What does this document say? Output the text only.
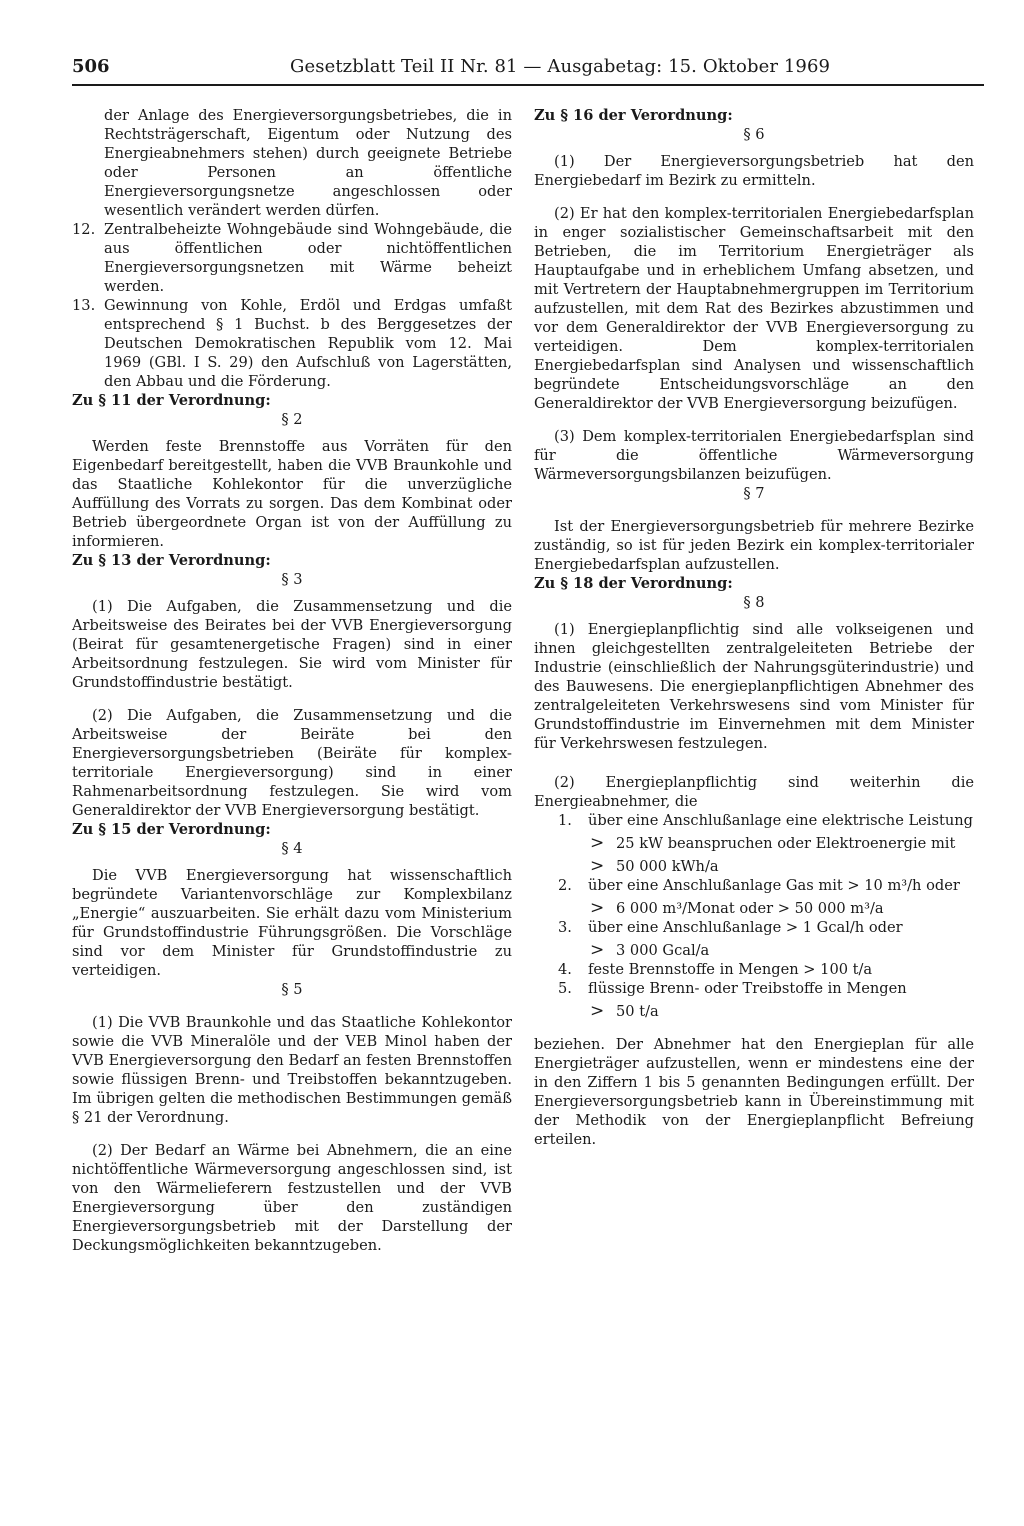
506	Gesetzblatt Teil II Nr. 81 — Ausgabetag: 15. Oktober 1969

der Anlage des Energieversorgungsbetriebes, die in Rechtsträgerschaft, Eigentum oder Nutzung des Energieabnehmers stehen) durch geeignete Betriebe oder Personen an öffentliche Energieversorgungsnetze angeschlossen oder wesentlich verändert werden dürfen.

12. Zentralbeheizte Wohngebäude sind Wohngebäude, die aus öffentlichen oder nichtöffentlichen Energieversorgungsnetzen mit Wärme beheizt werden.
13. Gewinnung von Kohle, Erdöl und Erdgas umfaßt entsprechend § 1 Buchst. b des Berggesetzes der Deutschen Demokratischen Republik vom 12. Mai 1969 (GBl. I S. 29) den Aufschluß von Lagerstätten, den Abbau und die Förderung.

Zu § 11 der Verordnung:

§ 2

Werden feste Brennstoffe aus Vorräten für den Eigenbedarf bereitgestellt, haben die VVB Braunkohle und das Staatliche Kohlekontor für die unverzügliche Auffüllung des Vorrats zu sorgen. Das dem Kombinat oder Betrieb übergeordnete Organ ist von der Auffüllung zu informieren.

Zu § 13 der Verordnung:

§ 3

(1) Die Aufgaben, die Zusammensetzung und die Arbeitsweise des Beirates bei der VVB Energieversorgung (Beirat für gesamtenergetische Fragen) sind in einer Arbeitsordnung festzulegen. Sie wird vom Minister für Grundstoffindustrie bestätigt.

(2) Die Aufgaben, die Zusammensetzung und die Arbeitsweise der Beiräte bei den Energieversorgungsbetrieben (Beiräte für komplex-territoriale Energieversorgung) sind in einer Rahmenarbeitsordnung festzulegen. Sie wird vom Generaldirektor der VVB Energieversorgung bestätigt.

Zu § 15 der Verordnung:

§ 4

Die VVB Energieversorgung hat wissenschaftlich begründete Variantenvorschläge zur Komplexbilanz „Energie“ auszuarbeiten. Sie erhält dazu vom Ministerium für Grundstoffindustrie Führungsgrößen. Die Vorschläge sind vor dem Minister für Grundstoffindustrie zu verteidigen.

§ 5

(1) Die VVB Braunkohle und das Staatliche Kohlekontor sowie die VVB Mineralöle und der VEB Minol haben der VVB Energieversorgung den Bedarf an festen Brennstoffen sowie flüssigen Brenn- und Treibstoffen bekanntzugeben. Im übrigen gelten die methodischen Bestimmungen gemäß § 21 der Verordnung.

(2) Der Bedarf an Wärme bei Abnehmern, die an eine nichtöffentliche Wärmeversorgung angeschlossen sind, ist von den Wärmelieferern festzustellen und der VVB Energieversorgung über den zuständigen Energieversorgungsbetrieb mit der Darstellung der Deckungsmöglichkeiten bekanntzugeben.

Zu § 16 der Verordnung:

§ 6

(1) Der Energieversorgungsbetrieb hat den Energiebedarf im Bezirk zu ermitteln.

(2) Er hat den komplex-territorialen Energiebedarfsplan in enger sozialistischer Gemeinschaftsarbeit mit den Betrieben, die im Territorium Energieträger als Hauptaufgabe und in erheblichem Umfang absetzen, und mit Vertretern der Hauptabnehmergruppen im Territorium aufzustellen, mit dem Rat des Bezirkes abzustimmen und vor dem Generaldirektor der VVB Energieversorgung zu verteidigen. Dem komplex-territorialen Energiebedarfsplan sind Analysen und wissenschaftlich begründete Entscheidungsvorschläge an den Generaldirektor der VVB Energieversorgung beizufügen.

(3) Dem komplex-territorialen Energiebedarfsplan sind für die öffentliche Wärmeversorgung Wärmeversorgungsbilanzen beizufügen.

§ 7

Ist der Energieversorgungsbetrieb für mehrere Bezirke zuständig, so ist für jeden Bezirk ein komplex-territorialer Energiebedarfsplan aufzustellen.

Zu § 18 der Verordnung:

§ 8

(1) Energieplanpflichtig sind alle volkseigenen und ihnen gleichgestellten zentralgeleiteten Betriebe der Industrie (einschließlich der Nahrungsgüterindustrie) und des Bauwesens. Die energieplanpflichtigen Abnehmer des zentralgeleiteten Verkehrswesens sind vom Minister für Grundstoffindustrie im Einvernehmen mit dem Minister für Verkehrswesen festzulegen.

(2) Energieplanpflichtig sind weiterhin die Energieabnehmer, die

1. über eine Anschlußanlage eine elektrische Leistung
> 25 kW beanspruchen oder Elektroenergie mit
> 50 000 kWh/a
2. über eine Anschlußanlage Gas mit > 10 m³/h oder
> 6 000 m³/Monat oder > 50 000 m³/a
3. über eine Anschlußanlage > 1 Gcal/h oder
> 3 000 Gcal/a
4. feste Brennstoffe in Mengen > 100 t/a
5. flüssige Brenn- oder Treibstoffe in Mengen
> 50 t/a

beziehen. Der Abnehmer hat den Energieplan für alle Energieträger aufzustellen, wenn er mindestens eine der in den Ziffern 1 bis 5 genannten Bedingungen erfüllt. Der Energieversorgungsbetrieb kann in Übereinstimmung mit der Methodik von der Energieplanpflicht Befreiung erteilen.
